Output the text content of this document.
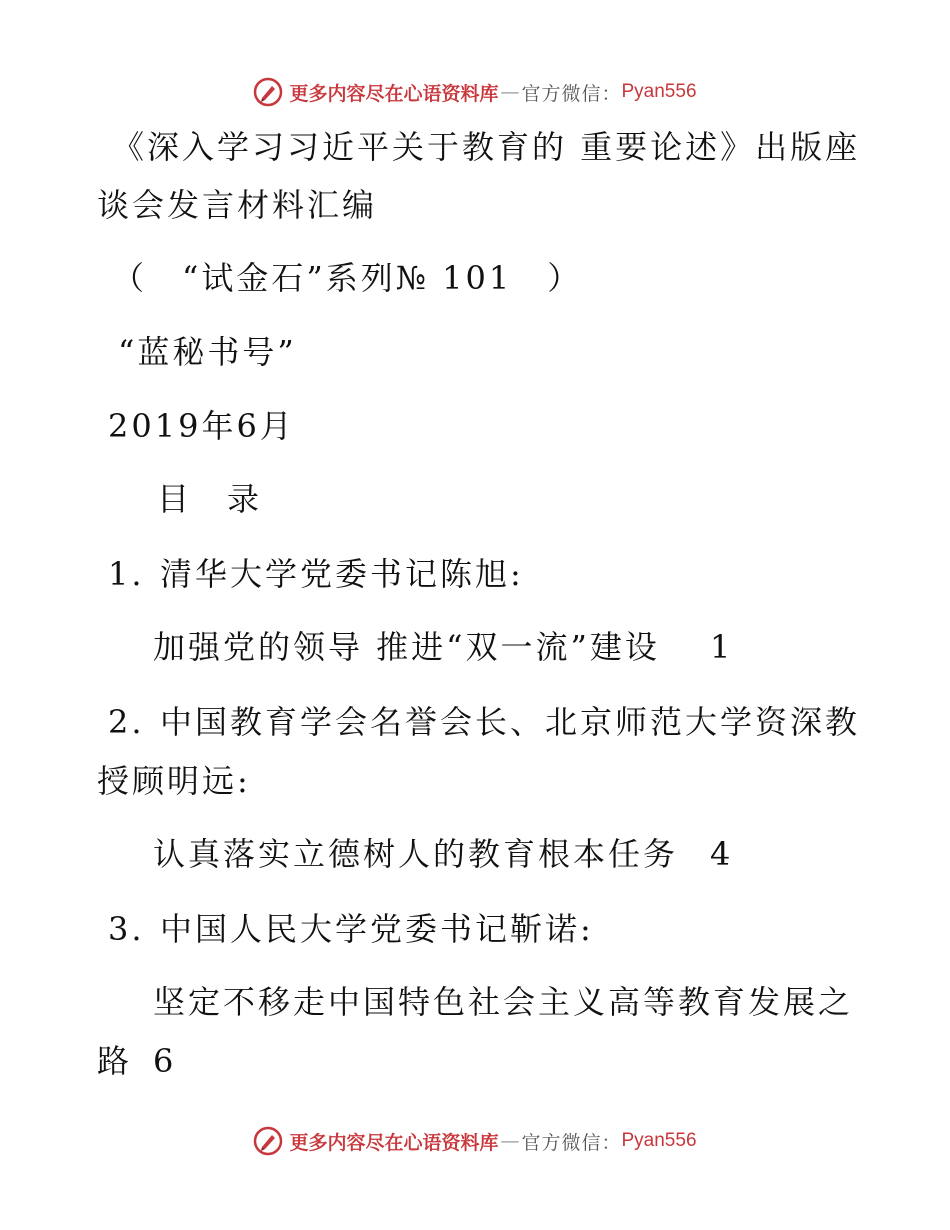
更多内容尽在心语资料库 — 官方微信： Pyan556
《深入学习习近平关于教育的 重要论述》出版座
谈会发言材料汇编
（　“试金石”系列№ 101　）
“蓝秘书号”
2019年6月
目　录
1. 清华大学党委书记陈旭:
加强党的领导 推进“双一流”建设 1
2. 中国教育学会名誉会长、北京师范大学资深教
授顾明远:
认真落实立德树人的教育根本任务 4
3. 中国人民大学党委书记靳诺:
坚定不移走中国特色社会主义高等教育发展之
路 6
更多内容尽在心语资料库 — 官方微信： Pyan556
